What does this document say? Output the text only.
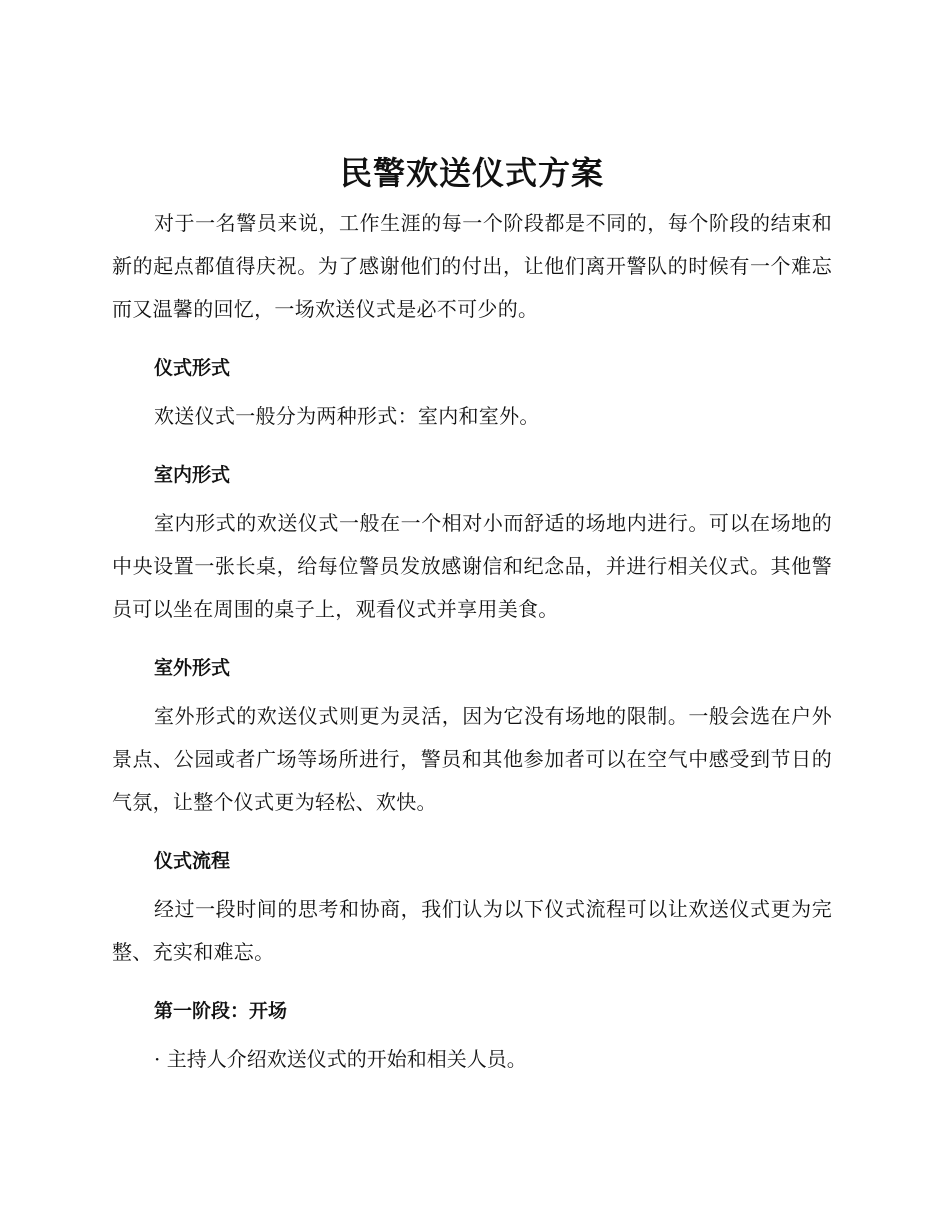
民警欢送仪式方案

对于一名警员来说，工作生涯的每一个阶段都是不同的，每个阶段的结束和新的起点都值得庆祝。为了感谢他们的付出，让他们离开警队的时候有一个难忘而又温馨的回忆，一场欢送仪式是必不可少的。

仪式形式

欢送仪式一般分为两种形式：室内和室外。

室内形式

室内形式的欢送仪式一般在一个相对小而舒适的场地内进行。可以在场地的中央设置一张长桌，给每位警员发放感谢信和纪念品，并进行相关仪式。其他警员可以坐在周围的桌子上，观看仪式并享用美食。

室外形式

室外形式的欢送仪式则更为灵活，因为它没有场地的限制。一般会选在户外景点、公园或者广场等场所进行，警员和其他参加者可以在空气中感受到节日的气氛，让整个仪式更为轻松、欢快。

仪式流程

经过一段时间的思考和协商，我们认为以下仪式流程可以让欢送仪式更为完整、充实和难忘。

第一阶段：开场

· 主持人介绍欢送仪式的开始和相关人员。
